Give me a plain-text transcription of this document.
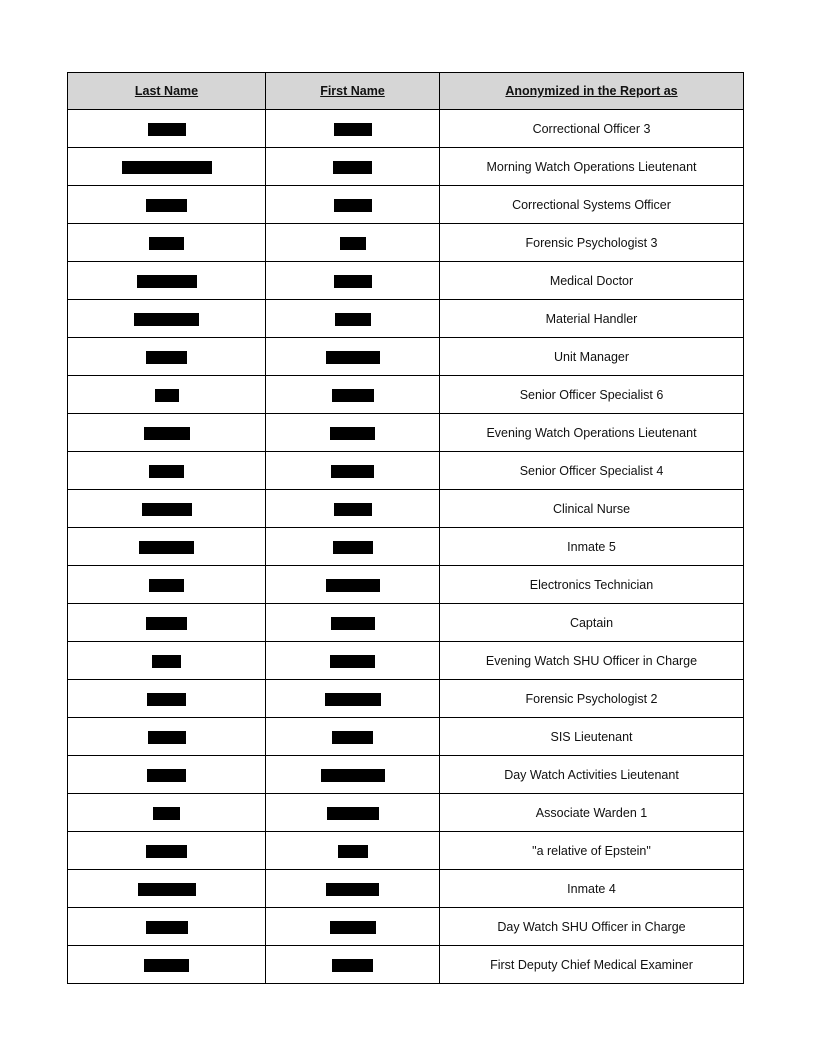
Last Name	First Name	Anonymized in the Report as
		Correctional Officer 3
		Morning Watch Operations Lieutenant
		Correctional Systems Officer
		Forensic Psychologist 3
		Medical Doctor
		Material Handler
		Unit Manager
		Senior Officer Specialist 6
		Evening Watch Operations Lieutenant
		Senior Officer Specialist 4
		Clinical Nurse
		Inmate 5
		Electronics Technician
		Captain
		Evening Watch SHU Officer in Charge
		Forensic Psychologist 2
		SIS Lieutenant
		Day Watch Activities Lieutenant
		Associate Warden 1
		"a relative of Epstein"
		Inmate 4
		Day Watch SHU Officer in Charge
		First Deputy Chief Medical Examiner
